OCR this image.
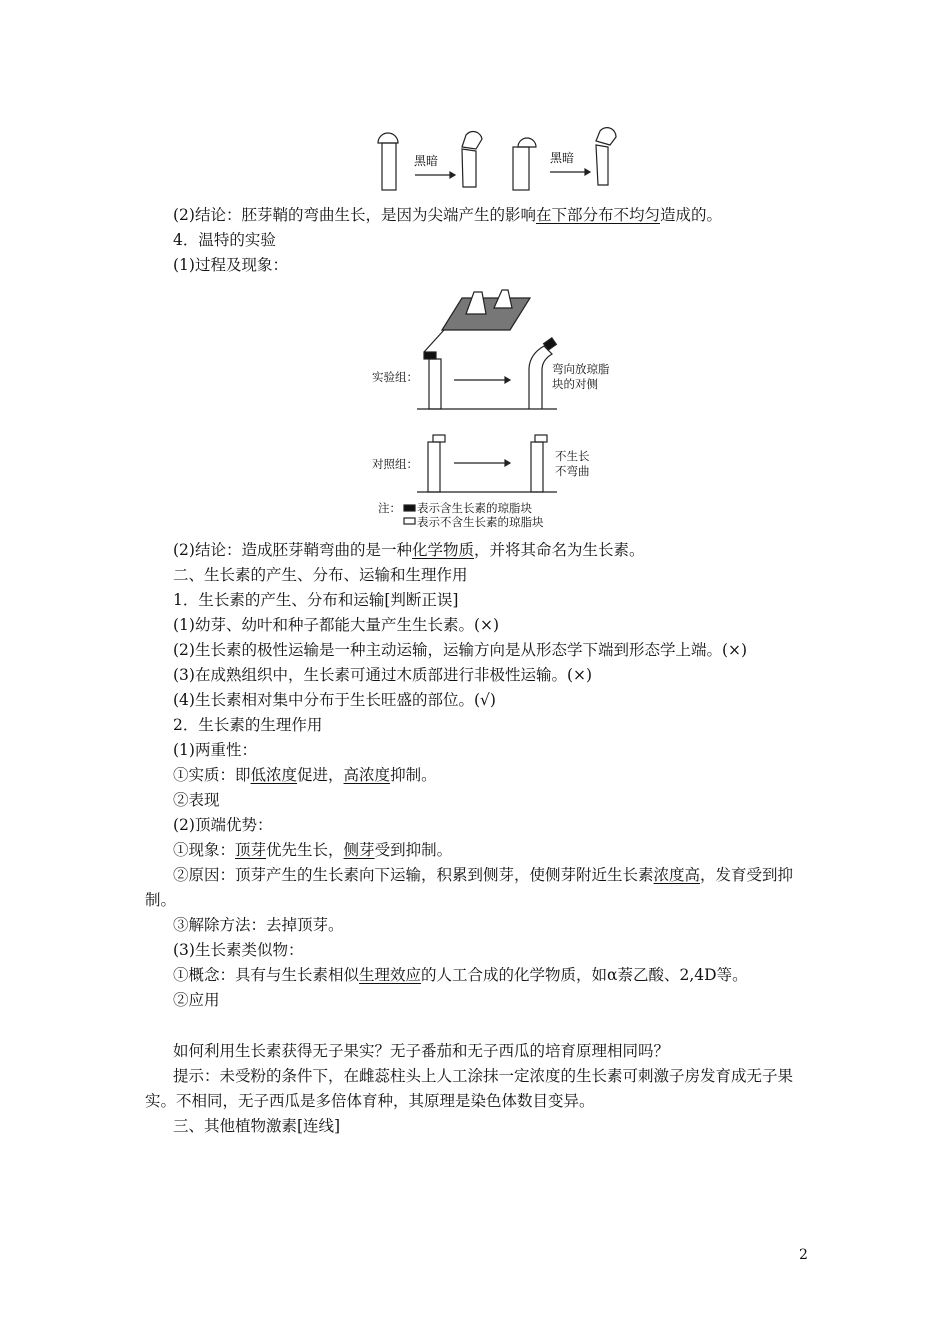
黑暗	黑暗
实验组：
弯向放琼脂
块的对侧
对照组：
不生长
不弯曲
注： 表示含生长素的琼脂块
表示不含生长素的琼脂块

(2)结论：胚芽鞘的弯曲生长，是因为尖端产生的影响在下部分布不均匀造成的。

4．温特的实验

(1)过程及现象：

(2)结论：造成胚芽鞘弯曲的是一种化学物质，并将其命名为生长素。

二、生长素的产生、分布、运输和生理作用

1．生长素的产生、分布和运输[判断正误]

(1)幼芽、幼叶和种子都能大量产生生长素。(×)

(2)生长素的极性运输是一种主动运输，运输方向是从形态学下端到形态学上端。(×)

(3)在成熟组织中，生长素可通过木质部进行非极性运输。(×)

(4)生长素相对集中分布于生长旺盛的部位。(√)

2．生长素的生理作用

(1)两重性：

①实质：即低浓度促进，高浓度抑制。

②表现

(2)顶端优势：

①现象：顶芽优先生长，侧芽受到抑制。

②原因：顶芽产生的生长素向下运输，积累到侧芽，使侧芽附近生长素浓度高，发育受到抑制。

③解除方法：去掉顶芽。

(3)生长素类似物：

①概念：具有与生长素相似生理效应的人工合成的化学物质，如α萘乙酸、2,4D等。

②应用

如何利用生长素获得无子果实？无子番茄和无子西瓜的培育原理相同吗？

提示：未受粉的条件下，在雌蕊柱头上人工涂抹一定浓度的生长素可刺激子房发育成无子果实。不相同，无子西瓜是多倍体育种，其原理是染色体数目变异。

三、其他植物激素[连线]

2
